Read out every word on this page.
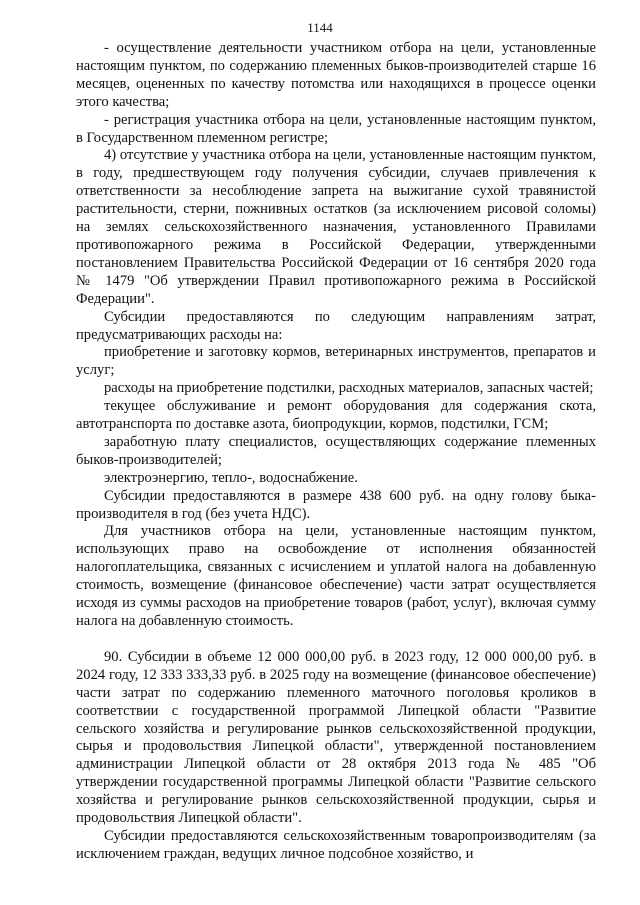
1144

- осуществление деятельности участником отбора на цели, установленные настоящим пунктом, по содержанию племенных быков-производителей старше 16 месяцев, оцененных по качеству потомства или находящихся в процессе оценки этого качества;

- регистрация участника отбора на цели, установленные настоящим пунктом, в Государственном племенном регистре;

4) отсутствие у участника отбора на цели, установленные настоящим пунктом, в году, предшествующем году получения субсидии, случаев привлечения к ответственности за несоблюдение запрета на выжигание сухой травянистой растительности, стерни, пожнивных остатков (за исключением рисовой соломы) на землях сельскохозяйственного назначения, установленного Правилами противопожарного режима в Российской Федерации, утвержденными постановлением Правительства Российской Федерации от 16 сентября 2020 года № 1479 "Об утверждении Правил противопожарного режима в Российской Федерации".

Субсидии предоставляются по следующим направлениям затрат, предусматривающих расходы на:

приобретение и заготовку кормов, ветеринарных инструментов, препаратов и услуг;

расходы на приобретение подстилки, расходных материалов, запасных частей;

текущее обслуживание и ремонт оборудования для содержания скота, автотранспорта по доставке азота, биопродукции, кормов, подстилки, ГСМ;

заработную плату специалистов, осуществляющих содержание племенных быков-производителей;

электроэнергию, тепло-, водоснабжение.

Субсидии предоставляются в размере 438 600 руб. на одну голову быка-производителя в год (без учета НДС).

Для участников отбора на цели, установленные настоящим пунктом, использующих право на освобождение от исполнения обязанностей налогоплательщика, связанных с исчислением и уплатой налога на добавленную стоимость, возмещение (финансовое обеспечение) части затрат осуществляется исходя из суммы расходов на приобретение товаров (работ, услуг), включая сумму налога на добавленную стоимость.

90. Субсидии в объеме 12 000 000,00 руб. в 2023 году, 12 000 000,00 руб. в 2024 году, 12 333 333,33 руб. в 2025 году на возмещение (финансовое обеспечение) части затрат по содержанию племенного маточного поголовья кроликов в соответствии с государственной программой Липецкой области "Развитие сельского хозяйства и регулирование рынков сельскохозяйственной продукции, сырья и продовольствия Липецкой области", утвержденной постановлением администрации Липецкой области от 28 октября 2013 года № 485 "Об утверждении государственной программы Липецкой области "Развитие сельского хозяйства и регулирование рынков сельскохозяйственной продукции, сырья и продовольствия Липецкой области".

Субсидии предоставляются сельскохозяйственным товаропроизводителям (за исключением граждан, ведущих личное подсобное хозяйство, и
